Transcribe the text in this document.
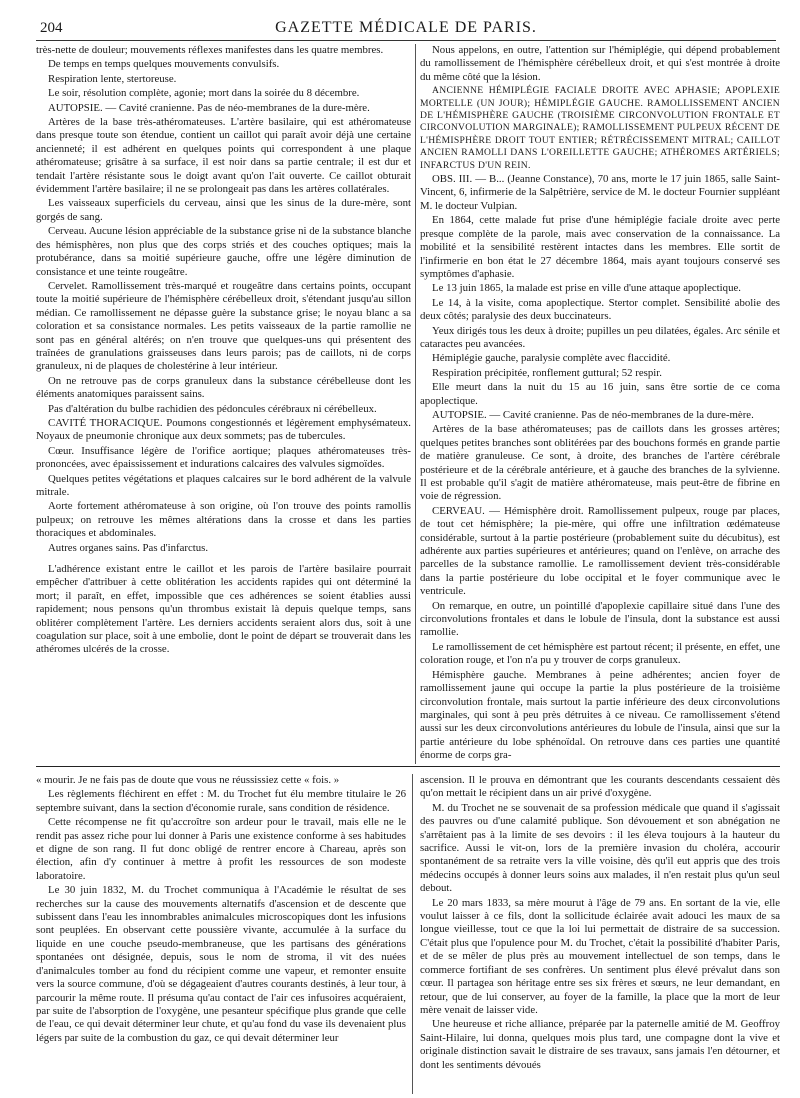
204	GAZETTE MÉDICALE DE PARIS.

très-nette de douleur; mouvements réflexes manifestes dans les quatre membres.

De temps en temps quelques mouvements convulsifs.

Respiration lente, stertoreuse.

Le soir, résolution complète, agonie; mort dans la soirée du 8 décembre.

AUTOPSIE. — Cavité cranienne. Pas de néo-membranes de la dure-mère.

Artères de la base très-athéromateuses. L'artère basilaire, qui est athéromateuse dans presque toute son étendue, contient un caillot qui paraît avoir déjà une certaine ancienneté; il est adhérent en quelques points qui correspondent à une plaque athéromateuse; grisâtre à sa surface, il est noir dans sa partie centrale; il est dur et tendait l'artère résistante sous le doigt avant qu'on l'ait ouverte. Ce caillot obturait évidemment l'artère basilaire; il ne se prolongeait pas dans les artères collatérales.

Les vaisseaux superficiels du cerveau, ainsi que les sinus de la dure-mère, sont gorgés de sang.

Cerveau. Aucune lésion appréciable de la substance grise ni de la substance blanche des hémisphères, non plus que des corps striés et des couches optiques; mais la protubérance, dans sa moitié supérieure gauche, offre une légère diminution de consistance et une teinte rougeâtre.

Cervelet. Ramollissement très-marqué et rougeâtre dans certains points, occupant toute la moitié supérieure de l'hémisphère cérébelleux droit, s'étendant jusqu'au sillon médian. Ce ramollissement ne dépasse guère la substance grise; le noyau blanc a sa coloration et sa consistance normales. Les petits vaisseaux de la partie ramollie ne sont pas en général altérés; on n'en trouve que quelques-uns qui présentent des traînées de granulations graisseuses dans leurs parois; pas de caillots, ni de corps granuleux, ni de plaques de cholestérine à leur intérieur.

On ne retrouve pas de corps granuleux dans la substance cérébelleuse dont les éléments anatomiques paraissent sains.

Pas d'altération du bulbe rachidien des pédoncules cérébraux ni cérébelleux.

CAVITÉ THORACIQUE. Poumons congestionnés et légèrement emphysémateux. Noyaux de pneumonie chronique aux deux sommets; pas de tubercules.

Cœur. Insuffisance légère de l'orifice aortique; plaques athéromateuses très-prononcées, avec épaississement et indurations calcaires des valvules sigmoïdes.

Quelques petites végétations et plaques calcaires sur le bord adhérent de la valvule mitrale.

Aorte fortement athéromateuse à son origine, où l'on trouve des points ramollis pulpeux; on retrouve les mêmes altérations dans la crosse et dans les parties thoraciques et abdominales.

Autres organes sains. Pas d'infarctus.

L'adhérence existant entre le caillot et les parois de l'artère basilaire pourrait empêcher d'attribuer à cette oblitération les accidents rapides qui ont déterminé la mort; il paraît, en effet, impossible que ces adhérences se soient établies aussi rapidement; nous pensons qu'un thrombus existait là depuis quelque temps, sans oblitérer complètement l'artère. Les derniers accidents seraient alors dus, soit à une coagulation sur place, soit à une embolie, dont le point de départ se trouverait dans les athéromes ulcérés de la crosse.

Nous appelons, en outre, l'attention sur l'hémiplégie, qui dépend probablement du ramollissement de l'hémisphère cérébelleux droit, et qui s'est montrée à droite du même côté que la lésion.

ANCIENNE HÉMIPLÉGIE FACIALE DROITE AVEC APHASIE; APOPLEXIE MORTELLE (UN JOUR); HÉMIPLÉGIE GAUCHE. RAMOLLISSEMENT ANCIEN DE L'HÉMISPHÈRE GAUCHE (TROISIÈME CIRCONVOLUTION FRONTALE ET CIRCONVOLUTION MARGINALE); RAMOLLISSEMENT PULPEUX RÉCENT DE L'HÉMISPHÈRE DROIT TOUT ENTIER; RÉTRÉCISSEMENT MITRAL; CAILLOT ANCIEN RAMOLLI DANS L'OREILLETTE GAUCHE; ATHÉROMES ARTÉRIELS; INFARCTUS D'UN REIN.

OBS. III. — B... (Jeanne Constance), 70 ans, morte le 17 juin 1865, salle Saint-Vincent, 6, infirmerie de la Salpêtrière, service de M. le docteur Fournier suppléant M. le docteur Vulpian.

En 1864, cette malade fut prise d'une hémiplégie faciale droite avec perte presque complète de la parole, mais avec conservation de la connaissance. La mobilité et la sensibilité restèrent intactes dans les membres. Elle sortit de l'infirmerie en bon état le 27 décembre 1864, mais ayant toujours conservé ses symptômes d'aphasie.

Le 13 juin 1865, la malade est prise en ville d'une attaque apoplectique.

Le 14, à la visite, coma apoplectique. Stertor complet. Sensibilité abolie des deux côtés; paralysie des deux buccinateurs.

Yeux dirigés tous les deux à droite; pupilles un peu dilatées, égales. Arc sénile et cataractes peu avancées.

Hémiplégie gauche, paralysie complète avec flaccidité.

Respiration précipitée, ronflement guttural; 52 respir.

Elle meurt dans la nuit du 15 au 16 juin, sans être sortie de ce coma apoplectique.

AUTOPSIE. — Cavité cranienne. Pas de néo-membranes de la dure-mère.

Artères de la base athéromateuses; pas de caillots dans les grosses artères; quelques petites branches sont oblitérées par des bouchons formés en grande partie de matière granuleuse. Ce sont, à droite, des branches de l'artère cérébrale postérieure et de la cérébrale antérieure, et à gauche des branches de la sylvienne. Il est probable qu'il s'agit de matière athéromateuse, mais peut-être de fibrine en voie de régression.

CERVEAU. — Hémisphère droit. Ramollissement pulpeux, rouge par places, de tout cet hémisphère; la pie-mère, qui offre une infiltration œdémateuse considérable, surtout à la partie postérieure (probablement suite du décubitus), est adhérente aux parties supérieures et antérieures; quand on l'enlève, on arrache des parcelles de la substance ramollie. Le ramollissement devient très-considérable dans la partie postérieure du lobe occipital et le foyer communique avec le ventricule.

On remarque, en outre, un pointillé d'apoplexie capillaire situé dans l'une des circonvolutions frontales et dans le lobule de l'insula, dont la substance est aussi ramollie.

Le ramollissement de cet hémisphère est partout récent; il présente, en effet, une coloration rouge, et l'on n'a pu y trouver de corps granuleux.

Hémisphère gauche. Membranes à peine adhérentes; ancien foyer de ramollissement jaune qui occupe la partie la plus postérieure de la troisième circonvolution frontale, mais surtout la partie inférieure des deux circonvolutions marginales, qui sont à peu près détruites à ce niveau. Ce ramollissement s'étend aussi sur les deux circonvolutions antérieures du lobule de l'insula, ainsi que sur la partie antérieure du lobe sphénoïdal. On retrouve dans ces parties une quantité énorme de corps gra-

« mourir. Je ne fais pas de doute que vous ne réussissiez cette « fois. »

Les règlements fléchirent en effet : M. du Trochet fut élu membre titulaire le 26 septembre suivant, dans la section d'économie rurale, sans condition de résidence.

Cette récompense ne fit qu'accroître son ardeur pour le travail, mais elle ne le rendit pas assez riche pour lui donner à Paris une existence conforme à ses habitudes et digne de son rang. Il fut donc obligé de rentrer encore à Chareau, après son élection, afin d'y continuer à mettre à profit les ressources de son modeste laboratoire.

Le 30 juin 1832, M. du Trochet communiqua à l'Académie le résultat de ses recherches sur la cause des mouvements alternatifs d'ascension et de descente que subissent dans l'eau les innombrables animalcules microscopiques dont les infusions sont peuplées. En observant cette poussière vivante, accumulée à la surface du liquide en une couche pseudo-membraneuse, que les partisans des générations spontanées ont désignée, depuis, sous le nom de stroma, il vit des nuées d'animalcules tomber au fond du récipient comme une vapeur, et remonter ensuite vers la source commune, d'où se dégageaient d'autres courants destinés, à leur tour, à parcourir la même route. Il présuma qu'au contact de l'air ces infusoires acquéraient, par suite de l'absorption de l'oxygène, une pesanteur spécifique plus grande que celle de l'eau, ce qui devait déterminer leur chute, et qu'au fond du vase ils devenaient plus légers par suite de la combustion du gaz, ce qui devait déterminer leur

ascension. Il le prouva en démontrant que les courants descendants cessaient dès qu'on mettait le récipient dans un air privé d'oxygène.

M. du Trochet ne se souvenait de sa profession médicale que quand il s'agissait des pauvres ou d'une calamité publique. Son dévouement et son abnégation ne s'arrêtaient pas à la limite de ses devoirs : il les éleva toujours à la hauteur du sacrifice. Aussi le vit-on, lors de la première invasion du choléra, accourir spontanément de sa retraite vers la ville voisine, dès qu'il eut appris que des trois médecins occupés à donner leurs soins aux malades, il n'en restait plus qu'un seul debout.

Le 20 mars 1833, sa mère mourut à l'âge de 79 ans. En sortant de la vie, elle voulut laisser à ce fils, dont la sollicitude éclairée avait adouci les maux de sa longue vieillesse, tout ce que la loi lui permettait de distraire de sa succession. C'était plus que l'opulence pour M. du Trochet, c'était la possibilité d'habiter Paris, et de se mêler de plus près au mouvement intellectuel de son temps, dans le commerce fortifiant de ses confrères. Un sentiment plus élevé prévalut dans son cœur. Il partagea son héritage entre ses six frères et sœurs, ne leur demandant, en retour, que de lui conserver, au foyer de la famille, la place que la mort de leur mère venait de laisser vide.

Une heureuse et riche alliance, préparée par la paternelle amitié de M. Geoffroy Saint-Hilaire, lui donna, quelques mois plus tard, une compagne dont la vive et originale distinction savait le distraire de ses travaux, sans jamais l'en détourner, et dont les sentiments dévoués
